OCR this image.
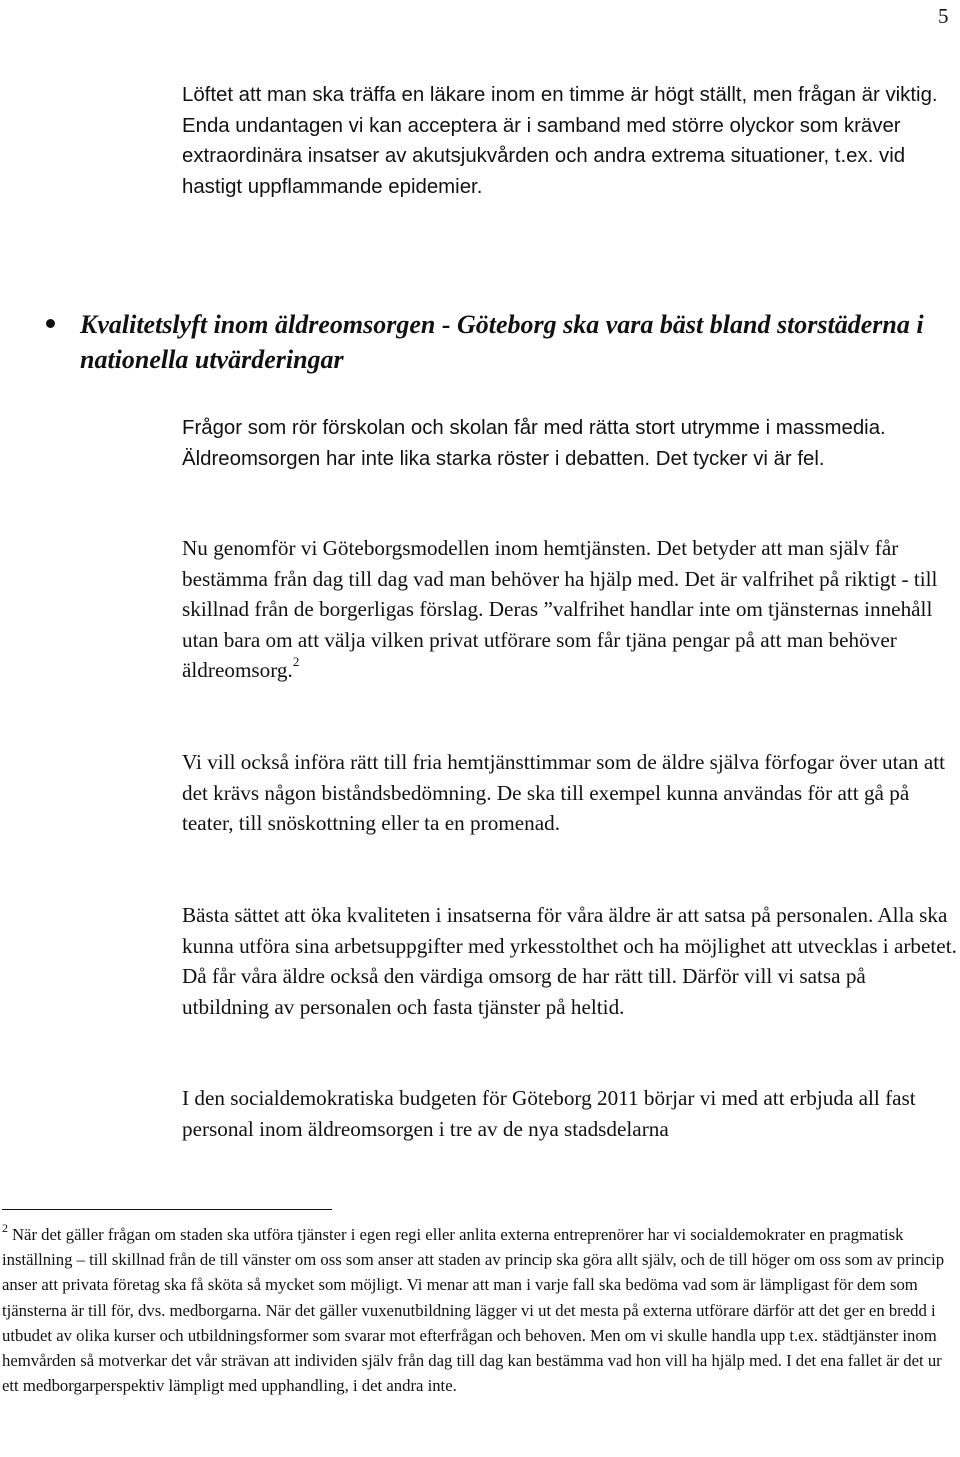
5

Löftet att man ska träffa en läkare inom en timme är högt ställt, men frågan är viktig. Enda undantagen vi kan acceptera är i samband med större olyckor som kräver extraordinära insatser av akutsjukvården och andra extrema situationer, t.ex. vid hastigt uppflammande epidemier.

Kvalitetslyft inom äldreomsorgen - Göteborg ska vara bäst bland storstäderna i nationella utvärderingar

Frågor som rör förskolan och skolan får med rätta stort utrymme i massmedia. Äldreomsorgen har inte lika starka röster i debatten. Det tycker vi är fel.

Nu genomför vi Göteborgsmodellen inom hemtjänsten. Det betyder att man själv får bestämma från dag till dag vad man behöver ha hjälp med. Det är valfrihet på riktigt - till skillnad från de borgerligas förslag. Deras ”valfrihet handlar inte om tjänsternas innehåll utan bara om att välja vilken privat utförare som får tjäna pengar på att man behöver äldreomsorg.$^2$

Vi vill också införa rätt till fria hemtjänsttimmar som de äldre själva förfogar över utan att det krävs någon biståndsbedömning. De ska till exempel kunna användas för att gå på teater, till snöskottning eller ta en promenad.

Bästa sättet att öka kvaliteten i insatserna för våra äldre är att satsa på personalen. Alla ska kunna utföra sina arbetsuppgifter med yrkesstolthet och ha möjlighet att utvecklas i arbetet. Då får våra äldre också den värdiga omsorg de har rätt till. Därför vill vi satsa på utbildning av personalen och fasta tjänster på heltid.

I den socialdemokratiska budgeten för Göteborg 2011 börjar vi med att erbjuda all fast personal inom äldreomsorgen i tre av de nya stadsdelarna

$^2$ När det gäller frågan om staden ska utföra tjänster i egen regi eller anlita externa entreprenörer har vi socialdemokrater en pragmatisk inställning – till skillnad från de till vänster om oss som anser att staden av princip ska göra allt själv, och de till höger om oss som av princip anser att privata företag ska få sköta så mycket som möjligt. Vi menar att man i varje fall ska bedöma vad som är lämpligast för dem som tjänsterna är till för, dvs. medborgarna. När det gäller vuxenutbildning lägger vi ut det mesta på externa utförare därför att det ger en bredd i utbudet av olika kurser och utbildningsformer som svarar mot efterfrågan och behoven. Men om vi skulle handla upp t.ex. städtjänster inom hemvården så motverkar det vår strävan att individen själv från dag till dag kan bestämma vad hon vill ha hjälp med. I det ena fallet är det ur ett medborgarperspektiv lämpligt med upphandling, i det andra inte.
